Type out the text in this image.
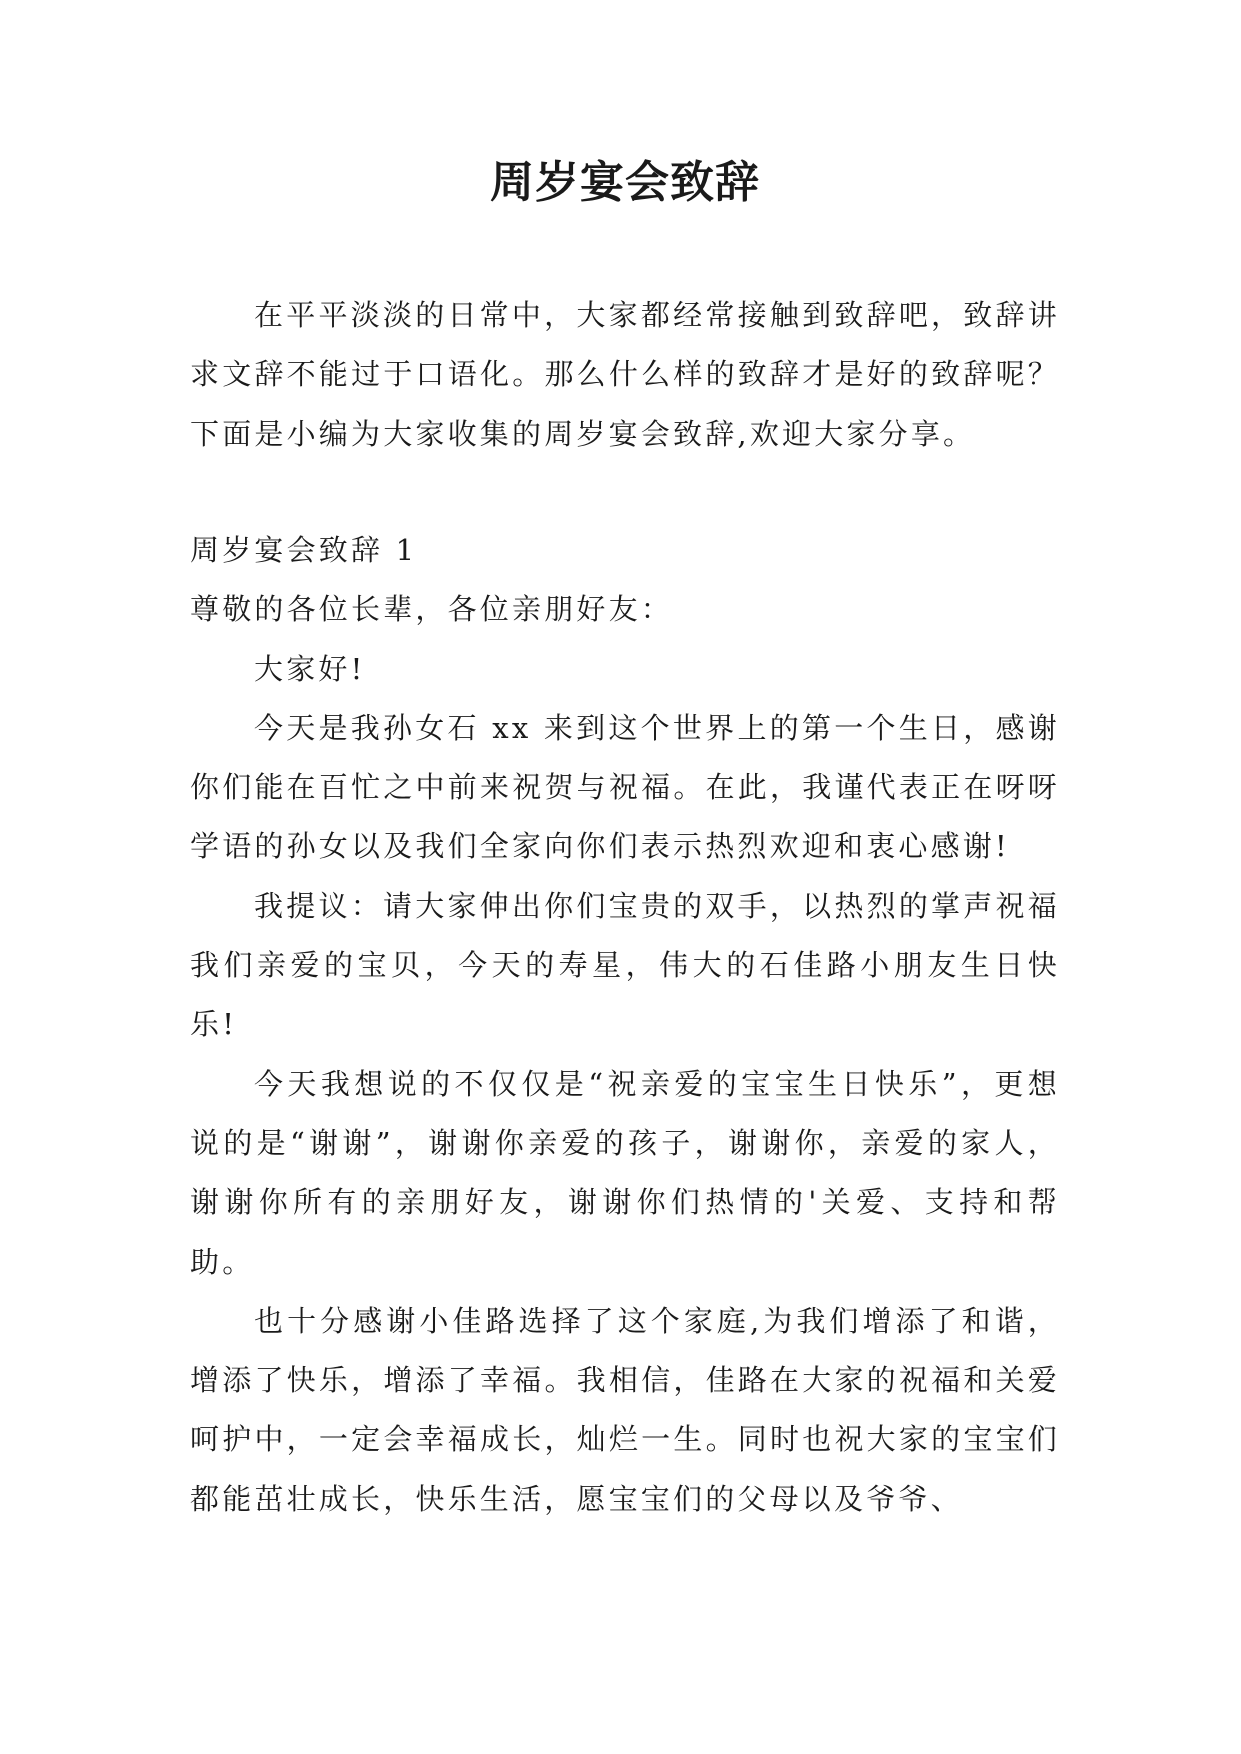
周岁宴会致辞

在平平淡淡的日常中，大家都经常接触到致辞吧，致辞讲求文辞不能过于口语化。那么什么样的致辞才是好的致辞呢？下面是小编为大家收集的周岁宴会致辞,欢迎大家分享。

周岁宴会致辞 1

尊敬的各位长辈，各位亲朋好友：

大家好!

今天是我孙女石 xx 来到这个世界上的第一个生日，感谢你们能在百忙之中前来祝贺与祝福。在此，我谨代表正在呀呀学语的孙女以及我们全家向你们表示热烈欢迎和衷心感谢!

我提议：请大家伸出你们宝贵的双手，以热烈的掌声祝福我们亲爱的宝贝，今天的寿星，伟大的石佳路小朋友生日快乐!

今天我想说的不仅仅是“祝亲爱的宝宝生日快乐”，更想说的是“谢谢”，谢谢你亲爱的孩子，谢谢你，亲爱的家人，谢谢你所有的亲朋好友，谢谢你们热情的'关爱、支持和帮助。

也十分感谢小佳路选择了这个家庭,为我们增添了和谐，增添了快乐，增添了幸福。我相信，佳路在大家的祝福和关爱呵护中，一定会幸福成长，灿烂一生。同时也祝大家的宝宝们都能茁壮成长，快乐生活，愿宝宝们的父母以及爷爷、
